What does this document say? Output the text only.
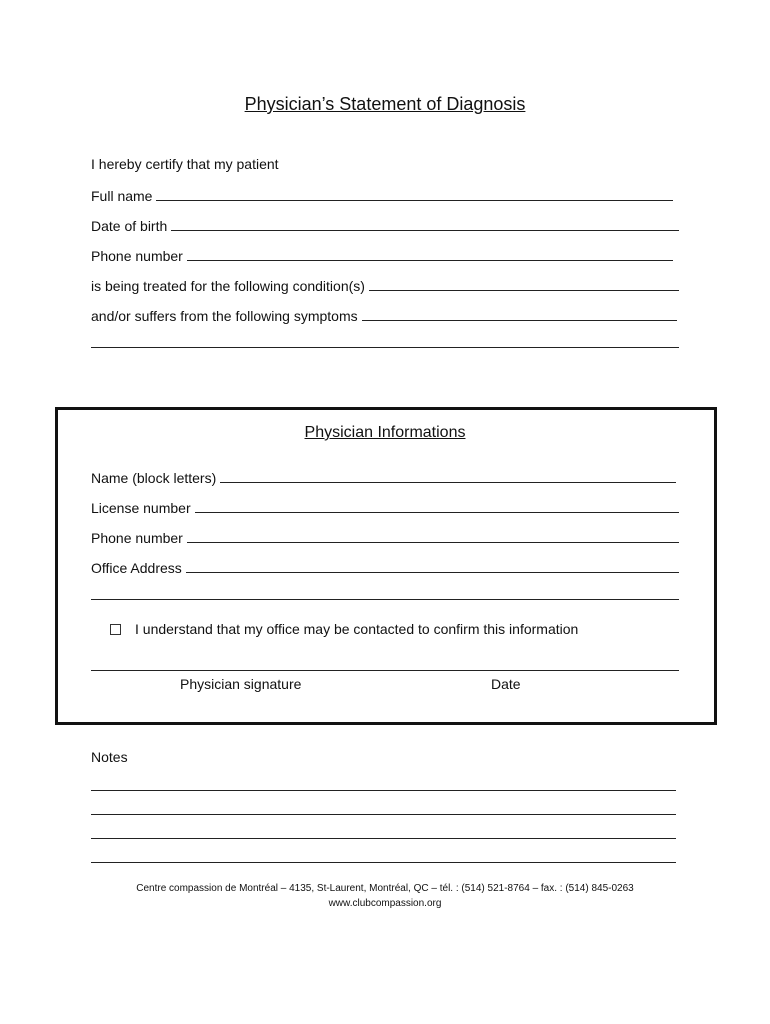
Physician’s Statement of Diagnosis
I hereby certify that my patient
Full name
Date of birth
Phone number
is being treated for the following condition(s)
and/or suffers from the following symptoms
Physician Informations
Name (block letters)
License number
Phone number
Office Address
I understand that my office may be contacted to confirm this information
Physician signature	Date
Notes
Centre compassion de Montréal – 4135, St-Laurent, Montréal, QC – tél. : (514) 521-8764 – fax. : (514) 845-0263
www.clubcompassion.org
